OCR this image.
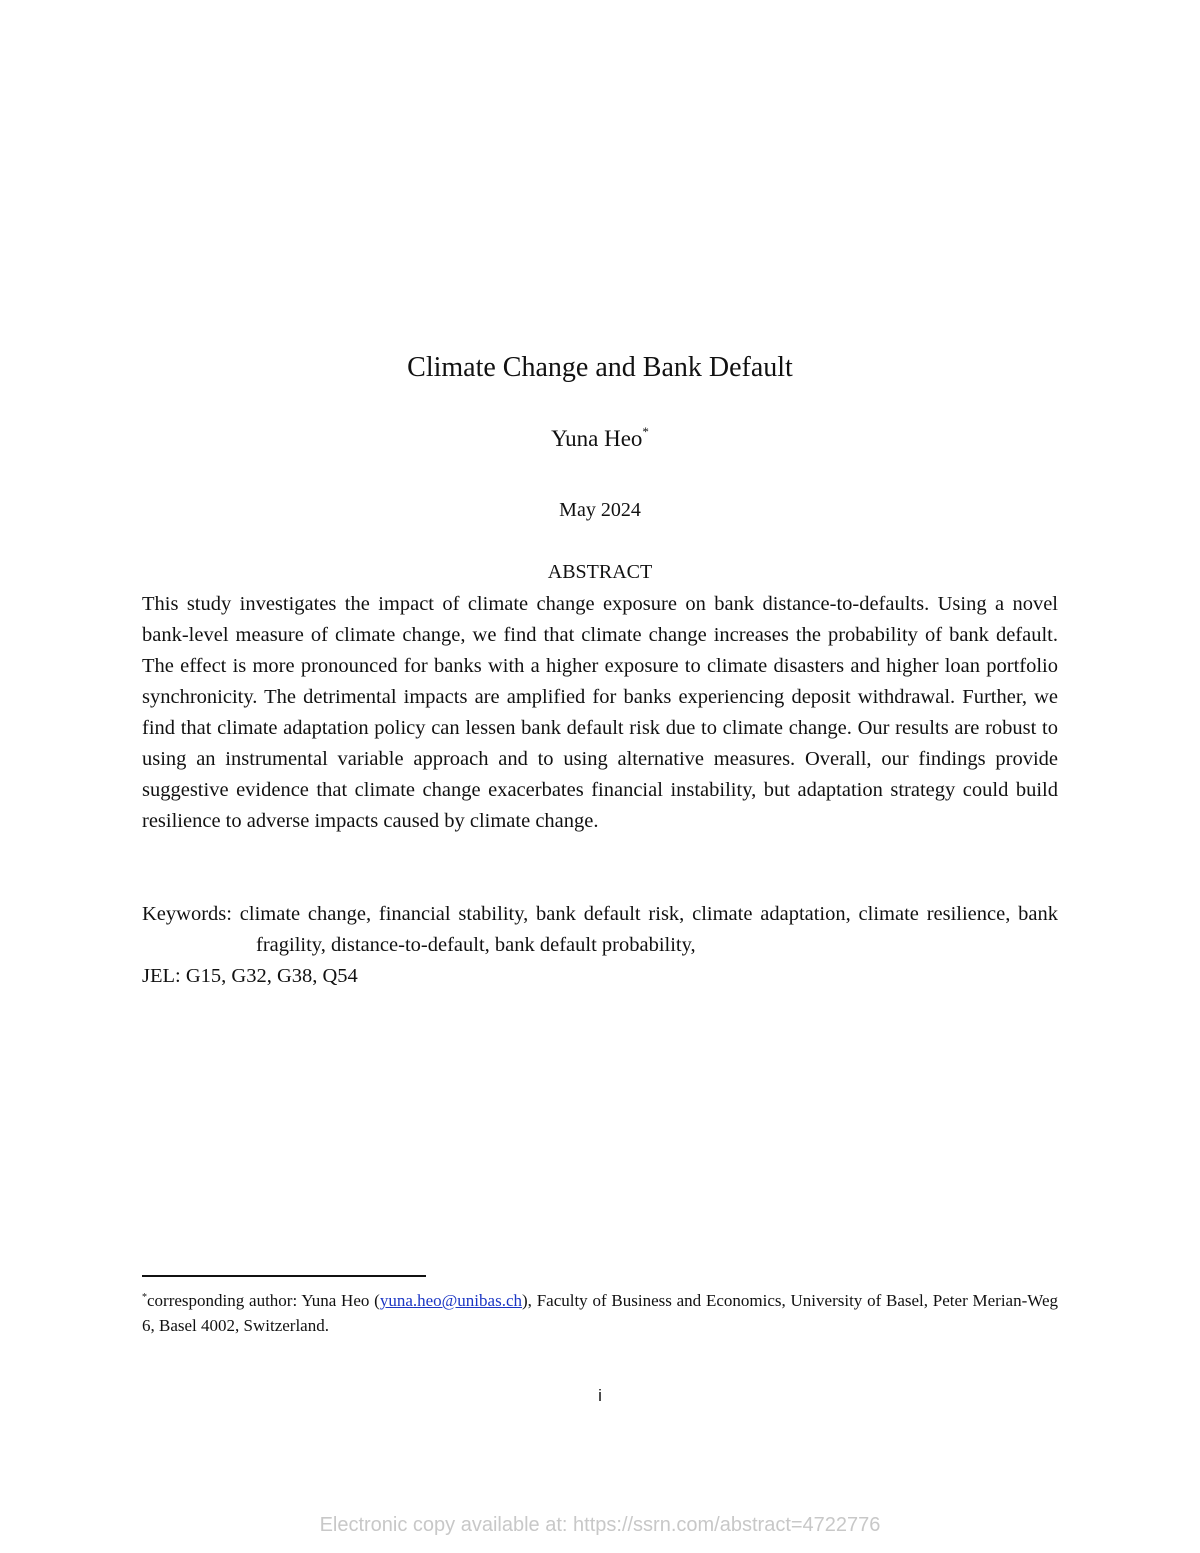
Climate Change and Bank Default
Yuna Heo*
May 2024
ABSTRACT

This study investigates the impact of climate change exposure on bank distance-to-defaults. Using a novel bank-level measure of climate change, we find that climate change increases the probability of bank default. The effect is more pronounced for banks with a higher exposure to climate disasters and higher loan portfolio synchronicity. The detrimental impacts are amplified for banks experiencing deposit withdrawal. Further, we find that climate adaptation policy can lessen bank default risk due to climate change. Our results are robust to using an instrumental variable approach and to using alternative measures. Overall, our findings provide suggestive evidence that climate change exacerbates financial instability, but adaptation strategy could build resilience to adverse impacts caused by climate change.

Keywords: climate change, financial stability, bank default risk, climate adaptation, climate resilience, bank fragility, distance-to-default, bank default probability,
JEL: G15, G32, G38, Q54
*corresponding author: Yuna Heo (yuna.heo@unibas.ch), Faculty of Business and Economics, University of Basel, Peter Merian-Weg 6, Basel 4002, Switzerland.
i
Electronic copy available at: https://ssrn.com/abstract=4722776
